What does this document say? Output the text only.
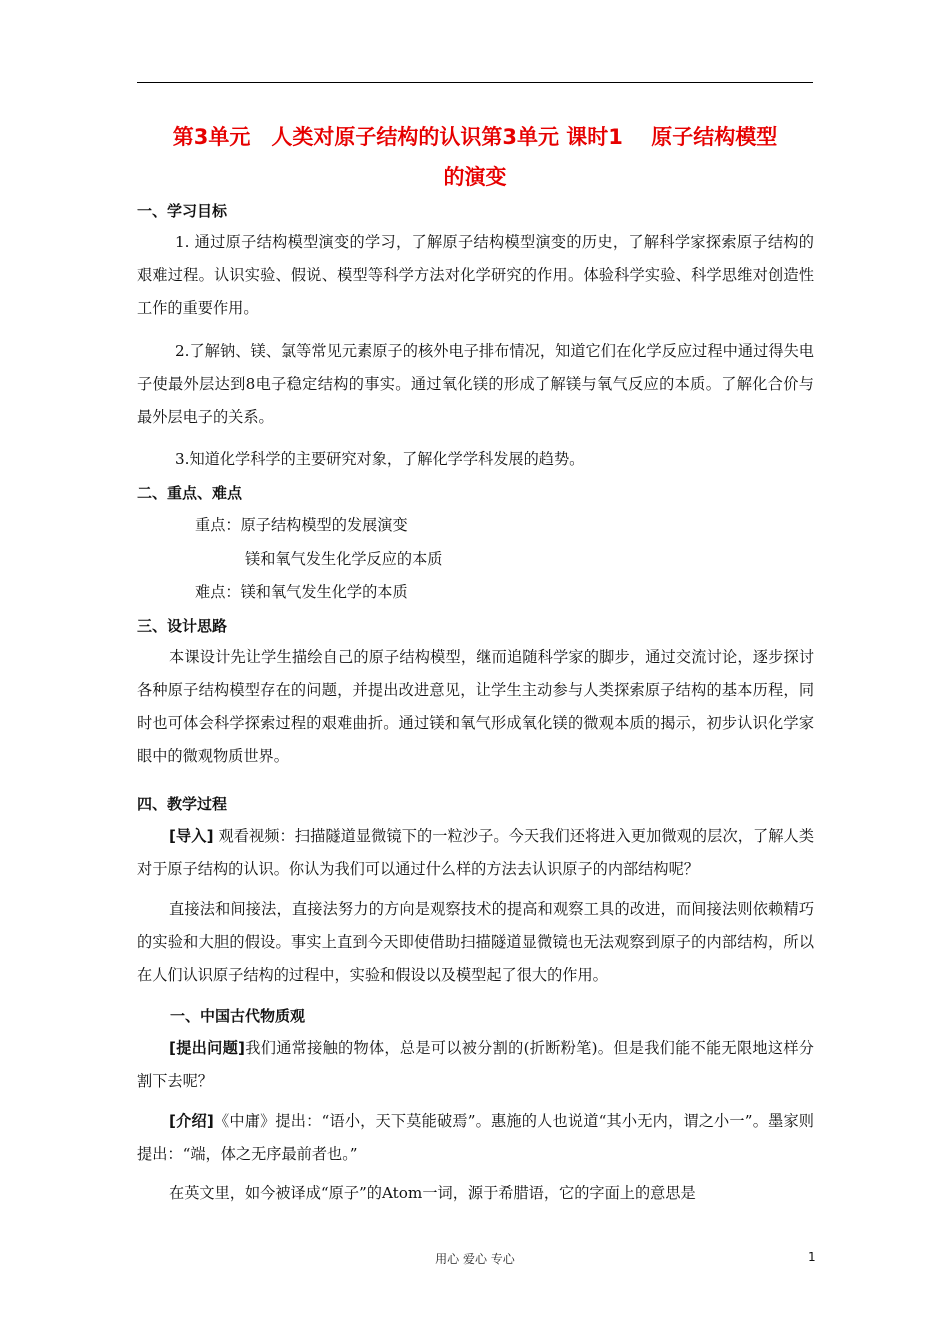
第3单元　人类对原子结构的认识第3单元 课时1　 原子结构模型
的演变
一、学习目标
1. 通过原子结构模型演变的学习，了解原子结构模型演变的历史，了解科学家探索原子结构的艰难过程。认识实验、假说、模型等科学方法对化学研究的作用。体验科学实验、科学思维对创造性工作的重要作用。
2.了解钠、镁、氯等常见元素原子的核外电子排布情况，知道它们在化学反应过程中通过得失电子使最外层达到8电子稳定结构的事实。通过氧化镁的形成了解镁与氧气反应的本质。了解化合价与最外层电子的关系。
3.知道化学科学的主要研究对象，了解化学学科发展的趋势。
二、重点、难点
重点：原子结构模型的发展演变
镁和氧气发生化学反应的本质
难点：镁和氧气发生化学的本质
三、设计思路
本课设计先让学生描绘自己的原子结构模型，继而追随科学家的脚步，通过交流讨论，逐步探讨各种原子结构模型存在的问题，并提出改进意见，让学生主动参与人类探索原子结构的基本历程，同时也可体会科学探索过程的艰难曲折。通过镁和氧气形成氧化镁的微观本质的揭示，初步认识化学家眼中的微观物质世界。
四、教学过程
[导入] 观看视频：扫描隧道显微镜下的一粒沙子。今天我们还将进入更加微观的层次，了解人类对于原子结构的认识。你认为我们可以通过什么样的方法去认识原子的内部结构呢？
直接法和间接法，直接法努力的方向是观察技术的提高和观察工具的改进，而间接法则依赖精巧的实验和大胆的假设。事实上直到今天即使借助扫描隧道显微镜也无法观察到原子的内部结构，所以在人们认识原子结构的过程中，实验和假设以及模型起了很大的作用。
一、中国古代物质观
[提出问题]我们通常接触的物体，总是可以被分割的(折断粉笔)。但是我们能不能无限地这样分割下去呢？
[介绍]《中庸》提出：“语小，天下莫能破焉”。惠施的人也说道“其小无内，谓之小一”。墨家则提出：“端，体之无序最前者也。”
在英文里，如今被译成“原子”的Atom一词，源于希腊语，它的字面上的意思是
用心 爱心 专心	1
